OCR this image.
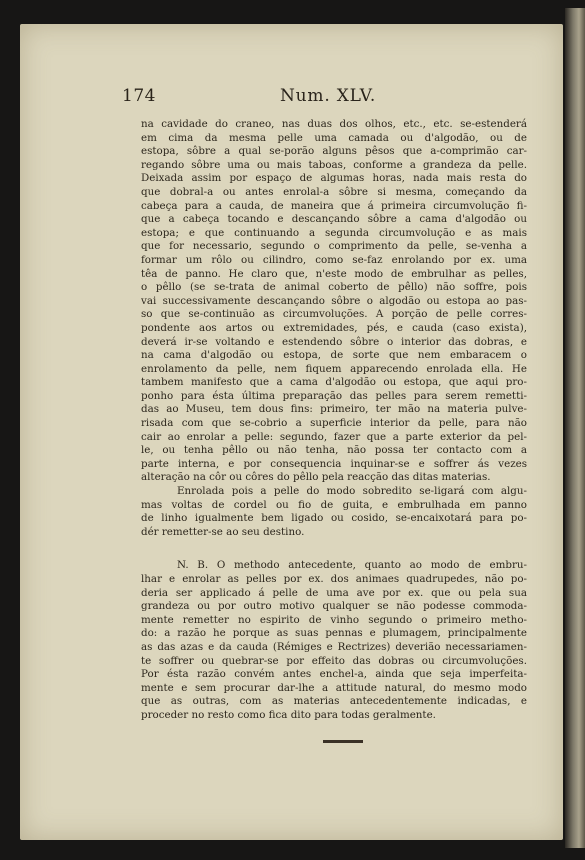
174	Num. XLV.
na cavidade do craneo, nas duas dos olhos, etc., etc. se-estenderá
em cima da mesma pelle uma camada ou d'algodão, ou de
estopa, sôbre a qual se-porão alguns pêsos que a-comprimão car-
regando sôbre uma ou mais taboas, conforme a grandeza da pelle.
Deixada assim por espaço de algumas horas, nada mais resta do
que dobral-a ou antes enrolal-a sôbre si mesma, começando da
cabeça para a cauda, de maneira que á primeira circumvolução fi-
que a cabeça tocando e descançando sôbre a cama d'algodão ou
estopa; e que continuando a segunda circumvolução e as mais
que for necessario, segundo o comprimento da pelle, se-venha a
formar um rôlo ou cilindro, como se-faz enrolando por ex. uma
têa de panno. He claro que, n'este modo de embrulhar as pelles,
o pêllo (se se-trata de animal coberto de pêllo) não soffre, pois
vai successivamente descançando sôbre o algodão ou estopa ao pas-
so que se-continuão as circumvoluções. A porção de pelle corres-
pondente aos artos ou extremidades, pés, e cauda (caso exista),
deverá ir-se voltando e estendendo sôbre o interior das dobras, e
na cama d'algodão ou estopa, de sorte que nem embaracem o
enrolamento da pelle, nem fiquem apparecendo enrolada ella. He
tambem manifesto que a cama d'algodão ou estopa, que aqui pro-
ponho para ésta última preparação das pelles para serem remetti-
das ao Museu, tem dous fins: primeiro, ter mão na materia pulve-
risada com que se-cobrio a superficie interior da pelle, para não
cair ao enrolar a pelle: segundo, fazer que a parte exterior da pel-
le, ou tenha pêllo ou não tenha, não possa ter contacto com a
parte interna, e por consequencia inquinar-se e soffrer ás vezes
alteração na côr ou côres do pêllo pela reacção das ditas materias.
Enrolada pois a pelle do modo sobredito se-ligará com algu-
mas voltas de cordel ou fio de guita, e embrulhada em panno
de linho igualmente bem ligado ou cosido, se-encaixotará para po-
dér remetter-se ao seu destino.
N. B. O methodo antecedente, quanto ao modo de embru-
lhar e enrolar as pelles por ex. dos animaes quadrupedes, não po-
deria ser applicado á pelle de uma ave por ex. que ou pela sua
grandeza ou por outro motivo qualquer se não podesse commoda-
mente remetter no espirito de vinho segundo o primeiro metho-
do: a razão he porque as suas pennas e plumagem, principalmente
as das azas e da cauda (Rémiges e Rectrizes) deverião necessariamen-
te soffrer ou quebrar-se por effeito das dobras ou circumvoluções.
Por ésta razão convém antes enchel-a, ainda que seja imperfeita-
mente e sem procurar dar-lhe a attitude natural, do mesmo modo
que as outras, com as materias antecedentemente indicadas, e
proceder no resto como fica dito para todas geralmente.
